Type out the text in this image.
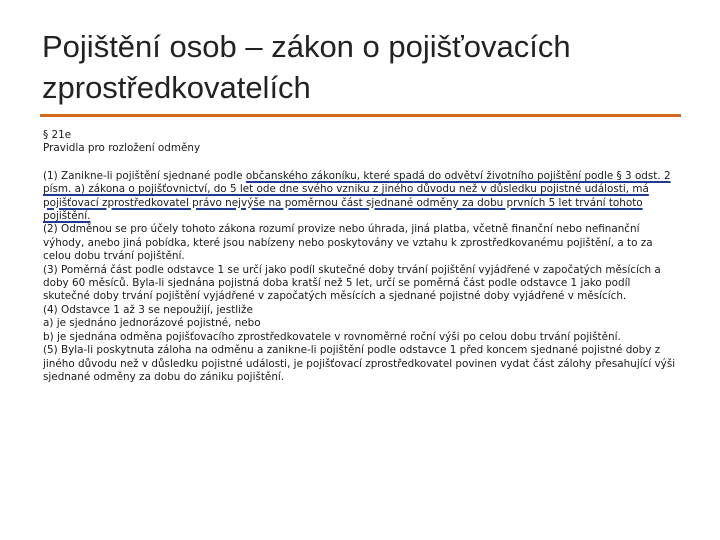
Pojištění osob – zákon o pojišťovacích
zprostředkovatelích

§ 21e
Pravidla pro rozložení odměny

(1) Zanikne-li pojištění sjednané podle občanského zákoníku, které spadá do odvětví životního pojištění podle § 3 odst. 2 písm. a) zákona o pojišťovnictví, do 5 let ode dne svého vzniku z jiného důvodu než v důsledku pojistné události, má pojišťovací zprostředkovatel právo nejvýše na poměrnou část sjednané odměny za dobu prvních 5 let trvání tohoto pojištění.

(2) Odměnou se pro účely tohoto zákona rozumí provize nebo úhrada, jiná platba, včetně finanční nebo nefinanční výhody, anebo jiná pobídka, které jsou nabízeny nebo poskytovány ve vztahu k zprostředkovanému pojištění, a to za celou dobu trvání pojištění.

(3) Poměrná část podle odstavce 1 se určí jako podíl skutečné doby trvání pojištění vyjádřené v započatých měsících a doby 60 měsíců. Byla-li sjednána pojistná doba kratší než 5 let, určí se poměrná část podle odstavce 1 jako podíl skutečné doby trvání pojištění vyjádřené v započatých měsících a sjednané pojistné doby vyjádřené v měsících.

(4) Odstavce 1 až 3 se nepoužijí, jestliže

a) je sjednáno jednorázové pojistné, nebo

b) je sjednána odměna pojišťovacího zprostředkovatele v rovnoměrné roční výši po celou dobu trvání pojištění.

(5) Byla-li poskytnuta záloha na odměnu a zanikne-li pojištění podle odstavce 1 před koncem sjednané pojistné doby z jiného důvodu než v důsledku pojistné události, je pojišťovací zprostředkovatel povinen vydat část zálohy přesahující výši sjednané odměny za dobu do zániku pojištění.
